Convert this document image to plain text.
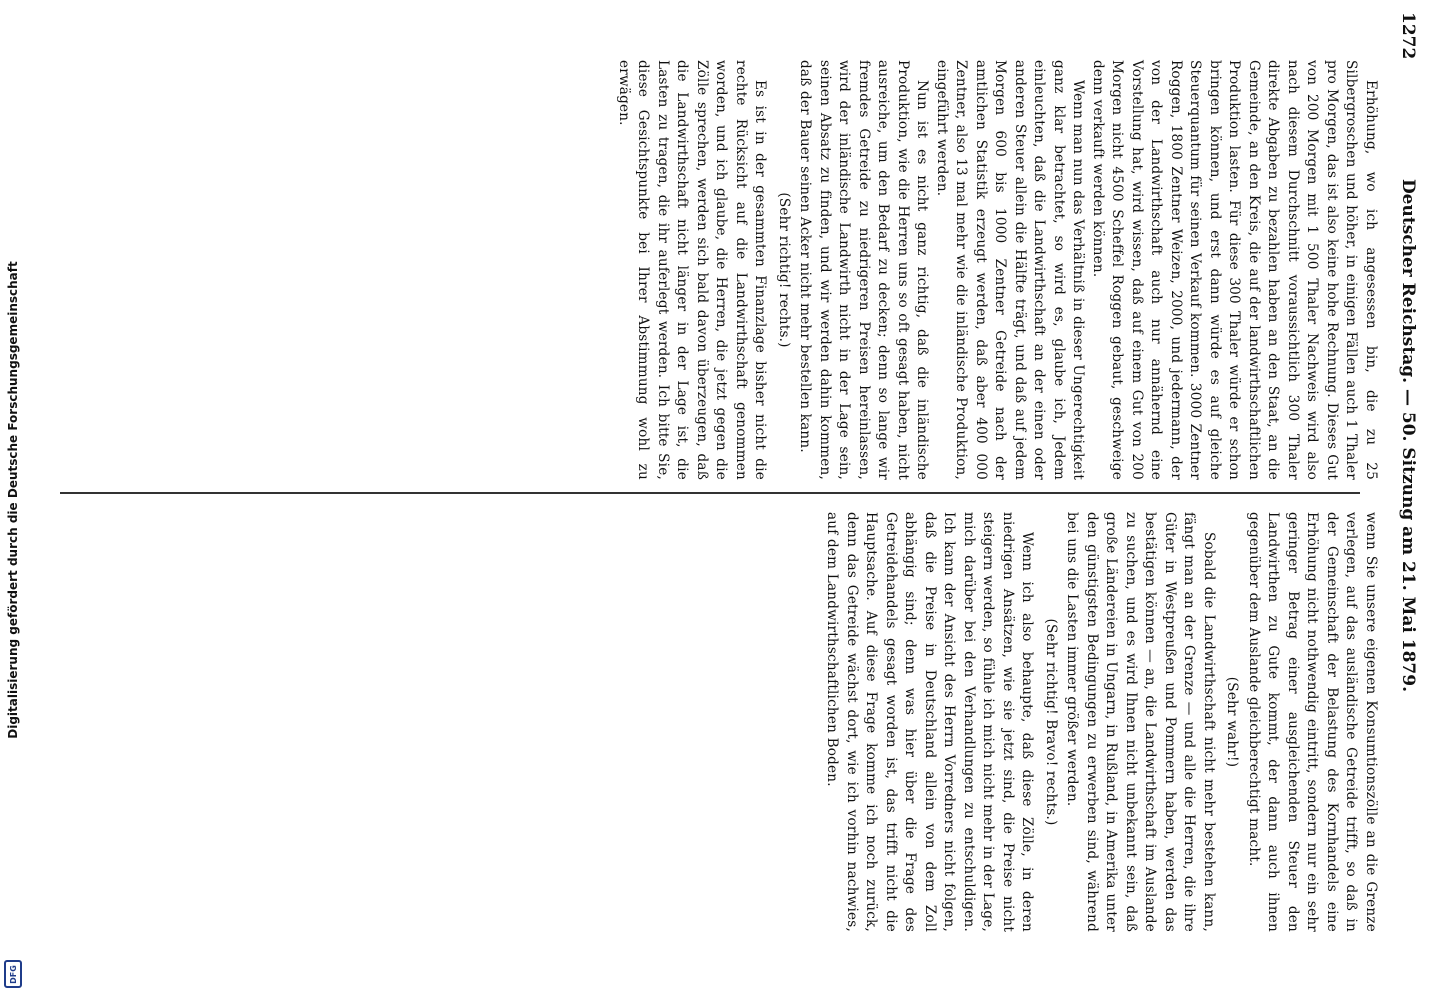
Digitalisierung gefördert durch die Deutsche Forschungsgemeinschaft
DFG
1272
Deutscher Reichstag. — 50. Sitzung am 21. Mai 1879.

Erhöhung, wo ich angesessen bin, die zu 25 Silbergroschen und höher, in einigen Fällen auch 1 Thaler pro Morgen, das ist also keine hohe Rechnung. Dieses Gut von 200 Morgen mit 1 500 Thaler Nachweis wird also nach diesem Durchschnitt voraussichtlich 300 Thaler direkte Abgaben zu bezahlen haben an den Staat, an die Gemeinde, an den Kreis, die auf der landwirthschaftlichen Produktion lasten. Für diese 300 Thaler würde er schon bringen können, und erst dann würde es auf gleiche Steuerquantum für seinen Verkauf kommen. 3000 Zentner Roggen, 1800 Zentner Weizen, 2000, und jedermann, der von der Landwirthschaft auch nur annähernd eine Vorstellung hat, wird wissen, daß auf einem Gut von 200 Morgen nicht 4500 Scheffel Roggen gebaut, geschweige denn verkauft werden können.

Wenn man nun das Verhältniß in dieser Ungerechtigkeit ganz klar betrachtet, so wird es, glaube ich, Jedem einleuchten, daß die Landwirthschaft an der einen oder anderen Steuer allein die Hälfte trägt, und daß auf jedem Morgen 600 bis 1000 Zentner Getreide nach der amtlichen Statistik erzeugt werden, daß aber 400 000 Zentner, also 13 mal mehr wie die inländische Produktion, eingeführt werden.

Nun ist es nicht ganz richtig, daß die inländische Produktion, wie die Herren uns so oft gesagt haben, nicht ausreiche, um den Bedarf zu decken; denn so lange wir fremdes Getreide zu niedrigeren Preisen hereinlassen, wird der inländische Landwirth nicht in der Lage sein, seinen Absatz zu finden, und wir werden dahin kommen, daß der Bauer seinen Acker nicht mehr bestellen kann.

(Sehr richtig! rechts.)

Es ist in der gesammten Finanzlage bisher nicht die rechte Rücksicht auf die Landwirthschaft genommen worden, und ich glaube, die Herren, die jetzt gegen die Zölle sprechen, werden sich bald davon überzeugen, daß die Landwirthschaft nicht länger in der Lage ist, die Lasten zu tragen, die ihr auferlegt werden. Ich bitte Sie, diese Gesichtspunkte bei Ihrer Abstimmung wohl zu erwägen.

wenn Sie unsere eigenen Konsumtionszölle an die Grenze verlegen, auf das ausländische Getreide trifft, so daß in der Gemeinschaft der Belastung des Kornhandels eine Erhöhung nicht nothwendig eintritt, sondern nur ein sehr geringer Betrag einer ausgleichenden Steuer den Landwirthen zu Gute kommt, der dann auch ihnen gegenüber dem Auslande gleichberechtigt macht.

(Sehr wahr!)

Sobald die Landwirthschaft nicht mehr bestehen kann, fängt man an der Grenze — und alle die Herren, die ihre Güter in Westpreußen und Pommern haben, werden das bestätigen können — an, die Landwirthschaft im Auslande zu suchen, und es wird Ihnen nicht unbekannt sein, daß große Ländereien in Ungarn, in Rußland, in Amerika unter den günstigsten Bedingungen zu erwerben sind, während bei uns die Lasten immer größer werden.

(Sehr richtig! Bravo! rechts.)

Wenn ich also behaupte, daß diese Zölle, in deren niedrigen Ansätzen, wie sie jetzt sind, die Preise nicht steigern werden, so fühle ich mich nicht mehr in der Lage, mich darüber bei den Verhandlungen zu entschuldigen. Ich kann der Ansicht des Herrn Vorredners nicht folgen, daß die Preise in Deutschland allein von dem Zoll abhängig sind; denn was hier über die Frage des Getreidehandels gesagt worden ist, das trifft nicht die Hauptsache. Auf diese Frage komme ich noch zurück, denn das Getreide wächst dort, wie ich vorhin nachwies, auf dem Landwirthschaftlichen Boden.
